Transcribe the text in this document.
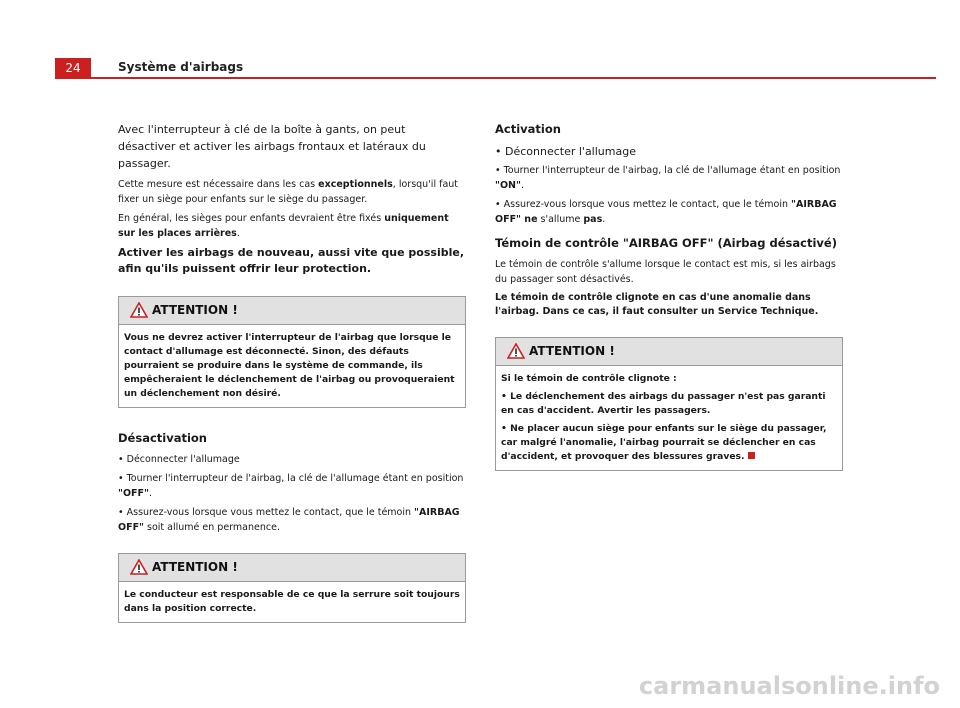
24	Système d'airbags

Avec l'interrupteur à clé de la boîte à gants, on peut désactiver et activer les airbags frontaux et latéraux du passager.

Cette mesure est nécessaire dans les cas exceptionnels, lorsqu'il faut fixer un siège pour enfants sur le siège du passager.

En général, les sièges pour enfants devraient être fixés uniquement sur les places arrières.

Activer les airbags de nouveau, aussi vite que possible, afin qu'ils puissent offrir leur protection.

ATTENTION !

Vous ne devrez activer l'interrupteur de l'airbag que lorsque le contact d'allumage est déconnecté. Sinon, des défauts pourraient se produire dans le système de commande, ils empêcheraient le déclenchement de l'airbag ou provoqueraient un déclenchement non désiré.

Désactivation

• Déconnecter l'allumage

• Tourner l'interrupteur de l'airbag, la clé de l'allumage étant en position "OFF".

• Assurez-vous lorsque vous mettez le contact, que le témoin "AIRBAG OFF" soit allumé en permanence.

ATTENTION !

Le conducteur est responsable de ce que la serrure soit toujours dans la position correcte.

Activation

• Déconnecter l'allumage

• Tourner l'interrupteur de l'airbag, la clé de l'allumage étant en position "ON".

• Assurez-vous lorsque vous mettez le contact, que le témoin "AIRBAG OFF" ne s'allume pas.

Témoin de contrôle "AIRBAG OFF" (Airbag désactivé)

Le témoin de contrôle s'allume lorsque le contact est mis, si les airbags du passager sont désactivés.

Le témoin de contrôle clignote en cas d'une anomalie dans l'airbag. Dans ce cas, il faut consulter un Service Technique.

ATTENTION !

Si le témoin de contrôle clignote :

• Le déclenchement des airbags du passager n'est pas garanti en cas d'accident. Avertir les passagers.

• Ne placer aucun siège pour enfants sur le siège du passager, car malgré l'anomalie, l'airbag pourrait se déclencher en cas d'accident, et provoquer des blessures graves.

carmanualsonline.info
